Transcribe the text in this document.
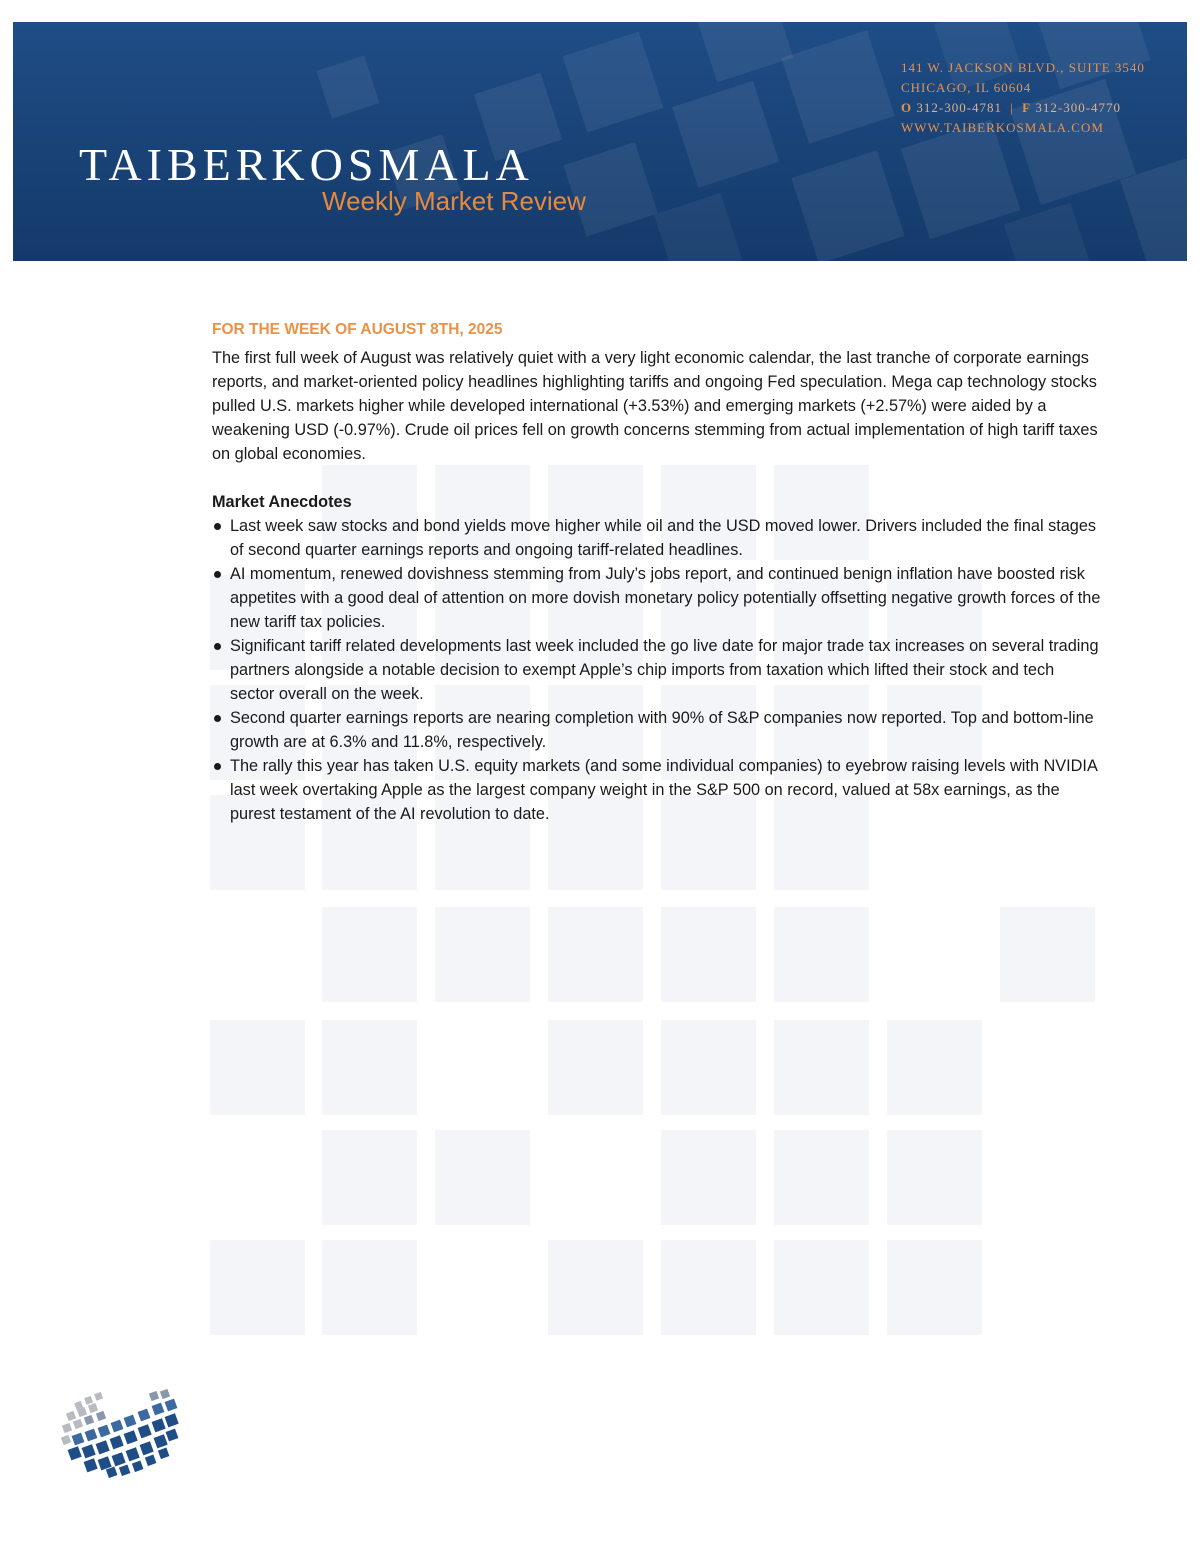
TAIBERKOSMALA
Weekly Market Review
141 W. JACKSON BLVD., SUITE 3540
CHICAGO, IL 60604
O 312-300-4781 | F 312-300-4770
WWW.TAIBERKOSMALA.COM
FOR THE WEEK OF AUGUST 8TH, 2025

The first full week of August was relatively quiet with a very light economic calendar, the last tranche of corporate earnings reports, and market-oriented policy headlines highlighting tariffs and ongoing Fed speculation. Mega cap technology stocks pulled U.S. markets higher while developed international (+3.53%) and emerging markets (+2.57%) were aided by a weakening USD (-0.97%). Crude oil prices fell on growth concerns stemming from actual implementation of high tariff taxes on global economies.

Market Anecdotes
Last week saw stocks and bond yields move higher while oil and the USD moved lower. Drivers included the final stages of second quarter earnings reports and ongoing tariff-related headlines.
AI momentum, renewed dovishness stemming from July’s jobs report, and continued benign inflation have boosted risk appetites with a good deal of attention on more dovish monetary policy potentially offsetting negative growth forces of the new tariff tax policies.
Significant tariff related developments last week included the go live date for major trade tax increases on several trading partners alongside a notable decision to exempt Apple’s chip imports from taxation which lifted their stock and tech sector overall on the week.
Second quarter earnings reports are nearing completion with 90% of S&P companies now reported. Top and bottom-line growth are at 6.3% and 11.8%, respectively.
The rally this year has taken U.S. equity markets (and some individual companies) to eyebrow raising levels with NVIDIA last week overtaking Apple as the largest company weight in the S&P 500 on record, valued at 58x earnings, as the purest testament of the AI revolution to date.
